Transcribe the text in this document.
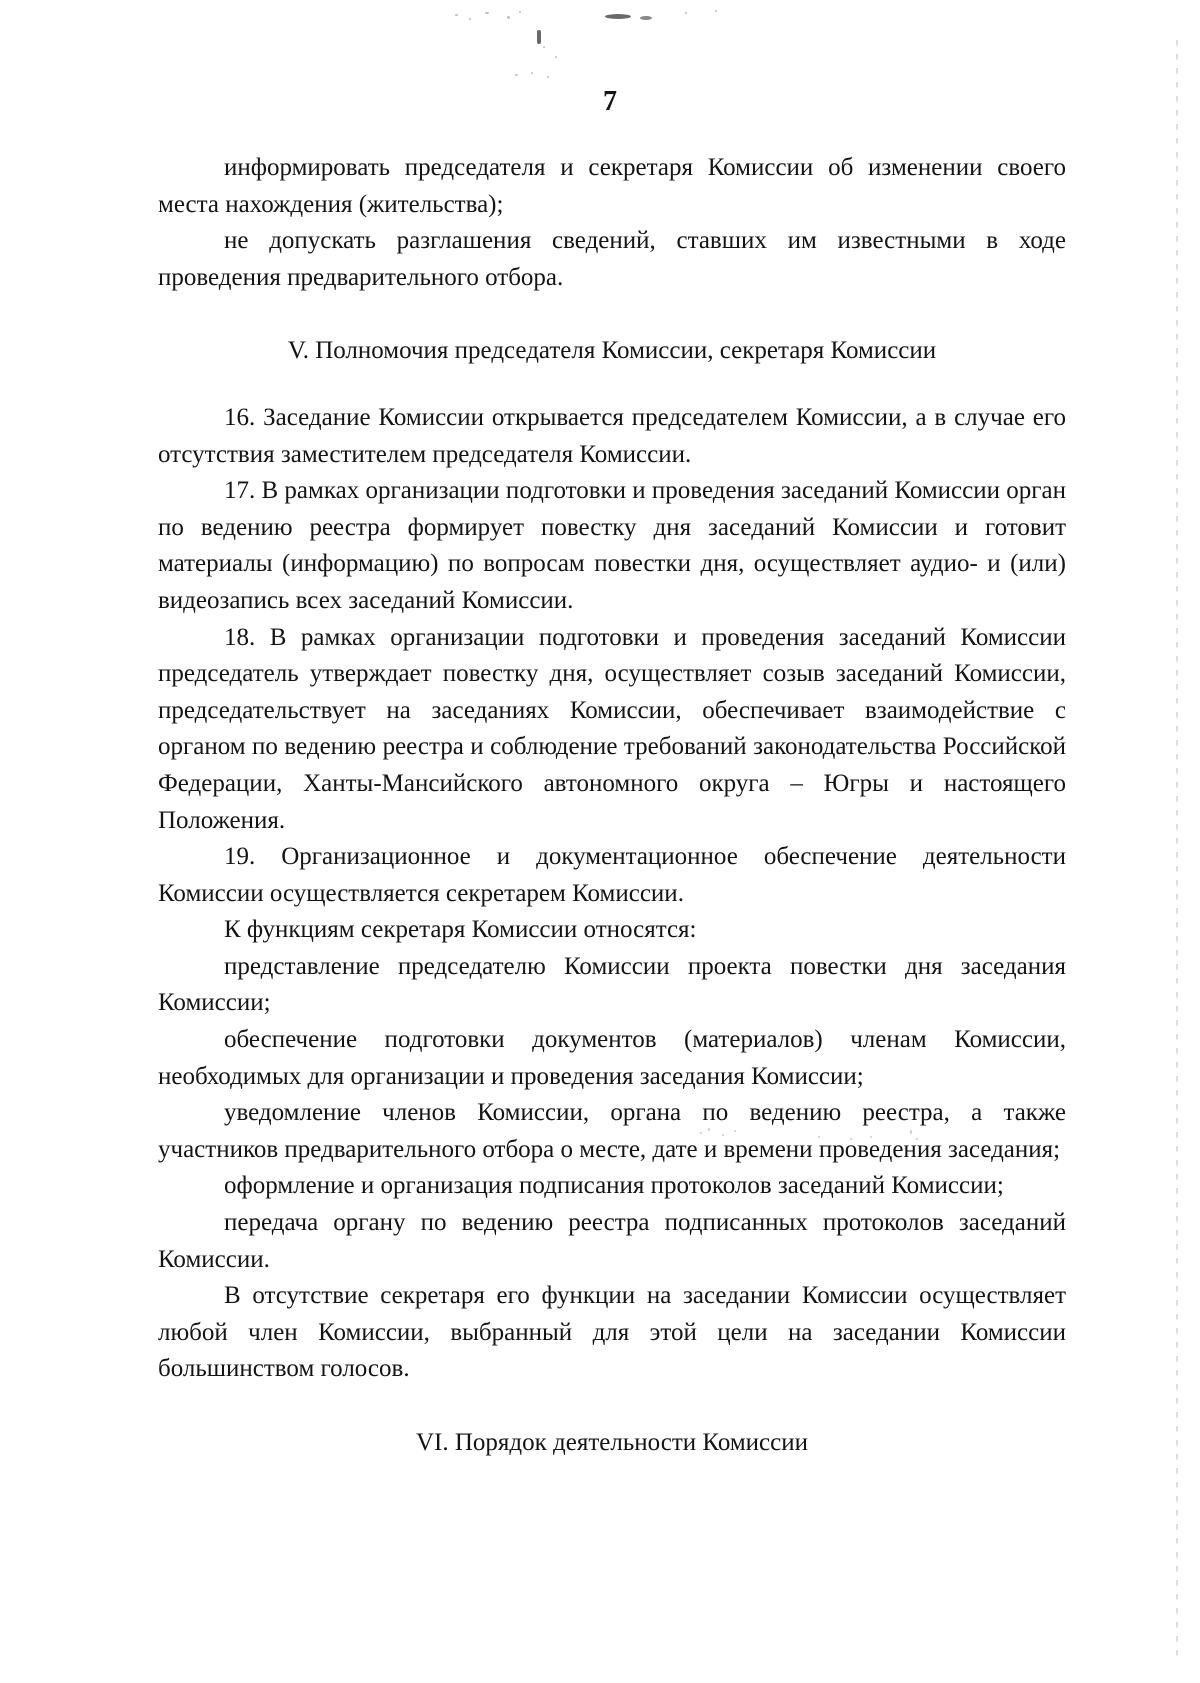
7

информировать председателя и секретаря Комиссии об изменении своего места нахождения (жительства);

не допускать разглашения сведений, ставших им известными в ходе проведения предварительного отбора.

V. Полномочия председателя Комиссии, секретаря Комиссии

16. Заседание Комиссии открывается председателем Комиссии, а в случае его отсутствия заместителем председателя Комиссии.

17. В рамках организации подготовки и проведения заседаний Комиссии орган по ведению реестра формирует повестку дня заседаний Комиссии и готовит материалы (информацию) по вопросам повестки дня, осуществляет аудио- и (или) видеозапись всех заседаний Комиссии.

18. В рамках организации подготовки и проведения заседаний Комиссии председатель утверждает повестку дня, осуществляет созыв заседаний Комиссии, председательствует на заседаниях Комиссии, обеспечивает взаимодействие с органом по ведению реестра и соблюдение требований законодательства Российской Федерации, Ханты-Мансийского автономного округа – Югры и настоящего Положения.

19. Организационное и документационное обеспечение деятельности Комиссии осуществляется секретарем Комиссии.

К функциям секретаря Комиссии относятся:

представление председателю Комиссии проекта повестки дня заседания Комиссии;

обеспечение подготовки документов (материалов) членам Комиссии, необходимых для организации и проведения заседания Комиссии;

уведомление членов Комиссии, органа по ведению реестра, а также участников предварительного отбора о месте, дате и времени проведения заседания;

оформление и организация подписания протоколов заседаний Комиссии;

передача органу по ведению реестра подписанных протоколов заседаний Комиссии.

В отсутствие секретаря его функции на заседании Комиссии осуществляет любой член Комиссии, выбранный для этой цели на заседании Комиссии большинством голосов.

VI. Порядок деятельности Комиссии
